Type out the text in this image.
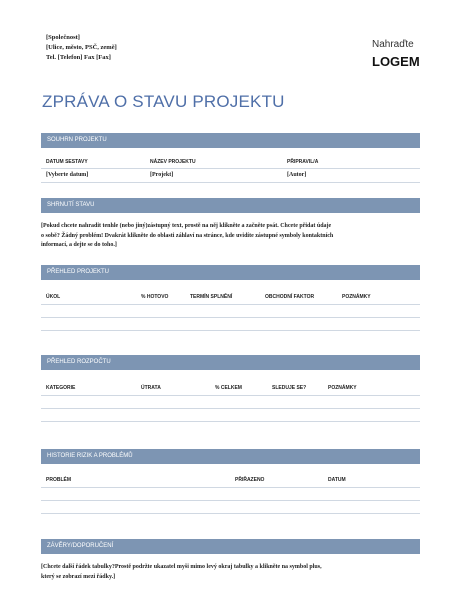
[Společnost]
[Ulice, město, PSČ, země]
Tel. [Telefon] Fax [Fax]
Nahraďte
LOGEM
ZPRÁVA O STAVU PROJEKTU
SOUHRN PROJEKTU
DATUM SESTAVY	NÁZEV PROJEKTU	PŘIPRAVIL/A
[Vyberte datum]	[Projekt]	[Autor]
SHRNUTÍ STAVU
[Pokud chcete nahradit tenhle (nebo jiný)zástupný text, prostě na něj klikněte a začněte psát. Chcete přidat údaje
o sobě? Žádný problém! Dvakrát klikněte do oblasti záhlaví na stránce, kde uvidíte zástupné symboly kontaktních
informací, a dejte se do toho.]
PŘEHLED PROJEKTU
ÚKOL	% HOTOVO	TERMÍN SPLNĚNÍ	OBCHODNÍ FAKTOR	POZNÁMKY
PŘEHLED ROZPOČTU
KATEGORIE	ÚTRATA	% CELKEM	SLEDUJE SE?	POZNÁMKY
HISTORIE RIZIK A PROBLÉMŮ
PROBLÉM	PŘIŘAZENO	DATUM
ZÁVĚRY/DOPORUČENÍ
[Chcete další řádek tabulky?Prostě podržte ukazatel myši mimo levý okraj tabulky a klikněte na symbol plus,
který se zobrazí mezi řádky.]
